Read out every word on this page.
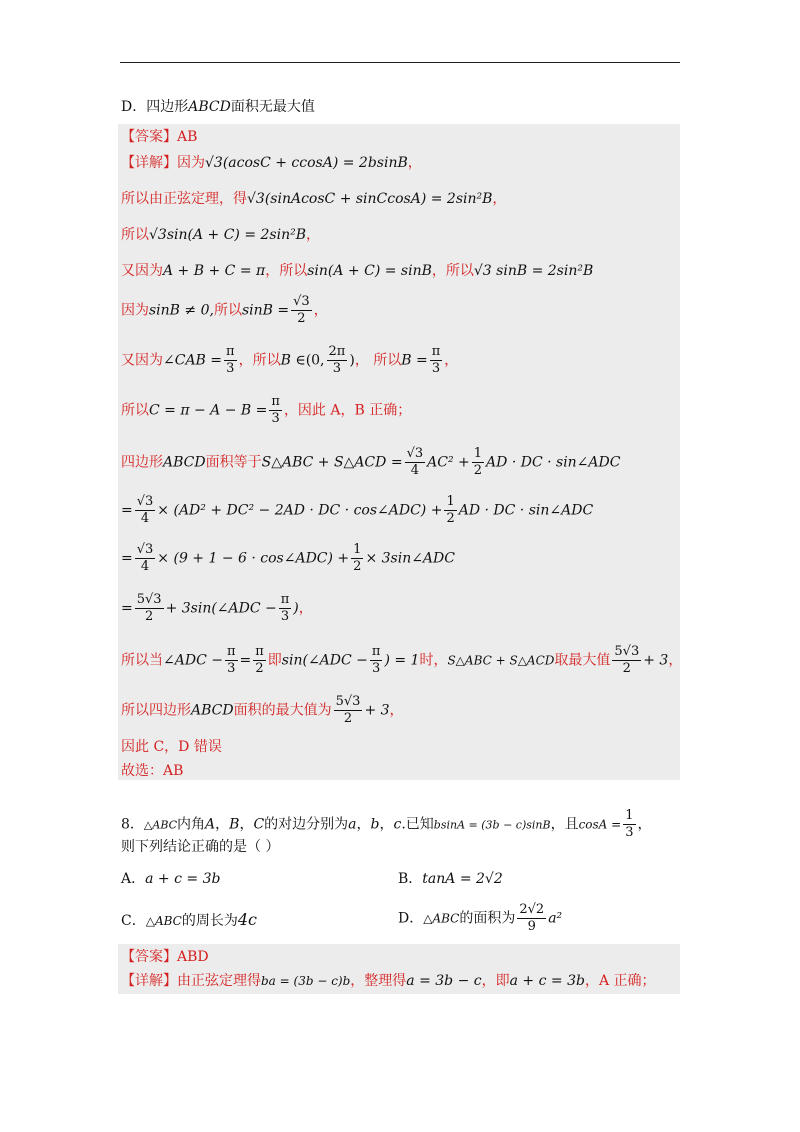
D．四边形ABCD面积无最大值
【答案】AB
【详解】因为√3(acosC + ccosA) = 2bsinB，
所以由正弦定理，得√3(sinAcosC + sinCcosA) = 2sin²B，
所以√3sin(A + C) = 2sin²B，
又因为A + B + C = π，所以sin(A + C) = sinB，所以√3 sinB = 2sin²B
因为sinB ≠ 0,所以$\sin B = \frac{√3}{2}$ ，
又因为∠CAB = $\frac{\pi}{3}$ ，所以B ∈(0, $\frac{2\pi}{3}$ )， 所以$B = \frac{\pi}{3}$ ，
所以$C = \pi - A - B = \frac{\pi}{3}$ ，因此 A，B 正确；
四边形ABCD面积等于S△ABC + S△ACD = $\frac{√3}{4} AC^2 + \frac{1}{2}$ AD · DC · sin∠ADC
= $\frac{√3}{4} \times (AD^2 + DC^2 - 2AD$ · DC · cos∠ADC) + $\frac{1}{2}$ AD · DC · sin∠ADC
= $\frac{√3}{4} \times (9 + 1 - 6$ · cos∠ADC) + $\frac{1}{2}$ × 3sin∠ADC
= $\frac{5√3}{2}$ + 3sin(∠ADC − $\frac{\pi}{3}$ )，
所以当∠ADC − $\frac{\pi}{3} = \frac{\pi}{2}$ 即sin(∠ADC − $\frac{\pi}{3}$ ) = 1时，S△ABC + S△ACD取最大值 $\frac{5√3}{2} + 3$，
所以四边形ABCD面积的最大值为 $\frac{5√3}{2} + 3$，
因此 C，D 错误
故选：AB
8．△ABC内角A，B，C的对边分别为a，b，c.已知bsinA = (3b − c)sinB，且$\cos A = \frac{1}{3}$ ，
则下列结论正确的是（ ）
A．a + c = 3b	B．tanA = 2√2
C．△ABC的周长为4c	D．△ABC的面积为 $\frac{2√2}{9} a^2$
【答案】ABD
【详解】由正弦定理得ba = (3b − c)b，整理得a = 3b − c，即a + c = 3b，A 正确；
